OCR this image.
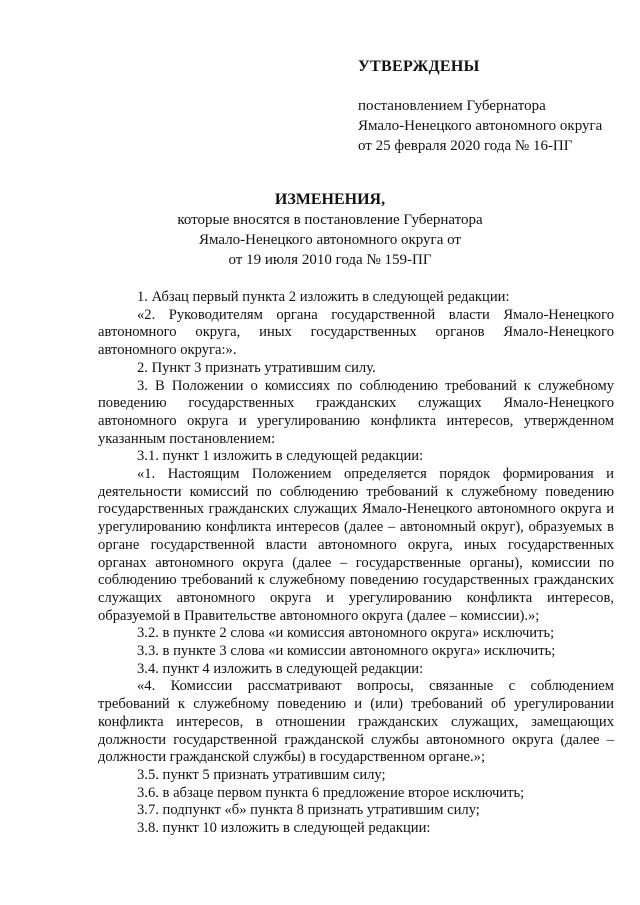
УТВЕРЖДЕНЫ
постановлением Губернатора
Ямало-Ненецкого автономного округа
от 25 февраля 2020 года № 16-ПГ
ИЗМЕНЕНИЯ,
которые вносятся в постановление Губернатора
Ямало-Ненецкого автономного округа от
от 19 июля 2010 года № 159-ПГ

1. Абзац первый пункта 2 изложить в следующей редакции:

«2. Руководителям органа государственной власти Ямало-Ненецкого автономного округа, иных государственных органов Ямало-Ненецкого автономного округа:».

2. Пункт 3 признать утратившим силу.

3. В Положении о комиссиях по соблюдению требований к служебному поведению государственных гражданских служащих Ямало-Ненецкого автономного округа и урегулированию конфликта интересов, утвержденном указанным постановлением:

3.1. пункт 1 изложить в следующей редакции:

«1. Настоящим Положением определяется порядок формирования и деятельности комиссий по соблюдению требований к служебному поведению государственных гражданских служащих Ямало-Ненецкого автономного округа и урегулированию конфликта интересов (далее – автономный округ), образуемых в органе государственной власти автономного округа, иных государственных органах автономного округа (далее – государственные органы), комиссии по соблюдению требований к служебному поведению государственных гражданских служащих автономного округа и урегулированию конфликта интересов, образуемой в Правительстве автономного округа (далее – комиссии).»;

3.2. в пункте 2 слова «и комиссия автономного округа» исключить;

3.3. в пункте 3 слова «и комиссии автономного округа» исключить;

3.4. пункт 4 изложить в следующей редакции:

«4. Комиссии рассматривают вопросы, связанные с соблюдением требований к служебному поведению и (или) требований об урегулировании конфликта интересов, в отношении гражданских служащих, замещающих должности государственной гражданской службы автономного округа (далее – должности гражданской службы) в государственном органе.»;

3.5. пункт 5 признать утратившим силу;

3.6. в абзаце первом пункта 6 предложение второе исключить;

3.7. подпункт «б» пункта 8 признать утратившим силу;

3.8. пункт 10 изложить в следующей редакции:
